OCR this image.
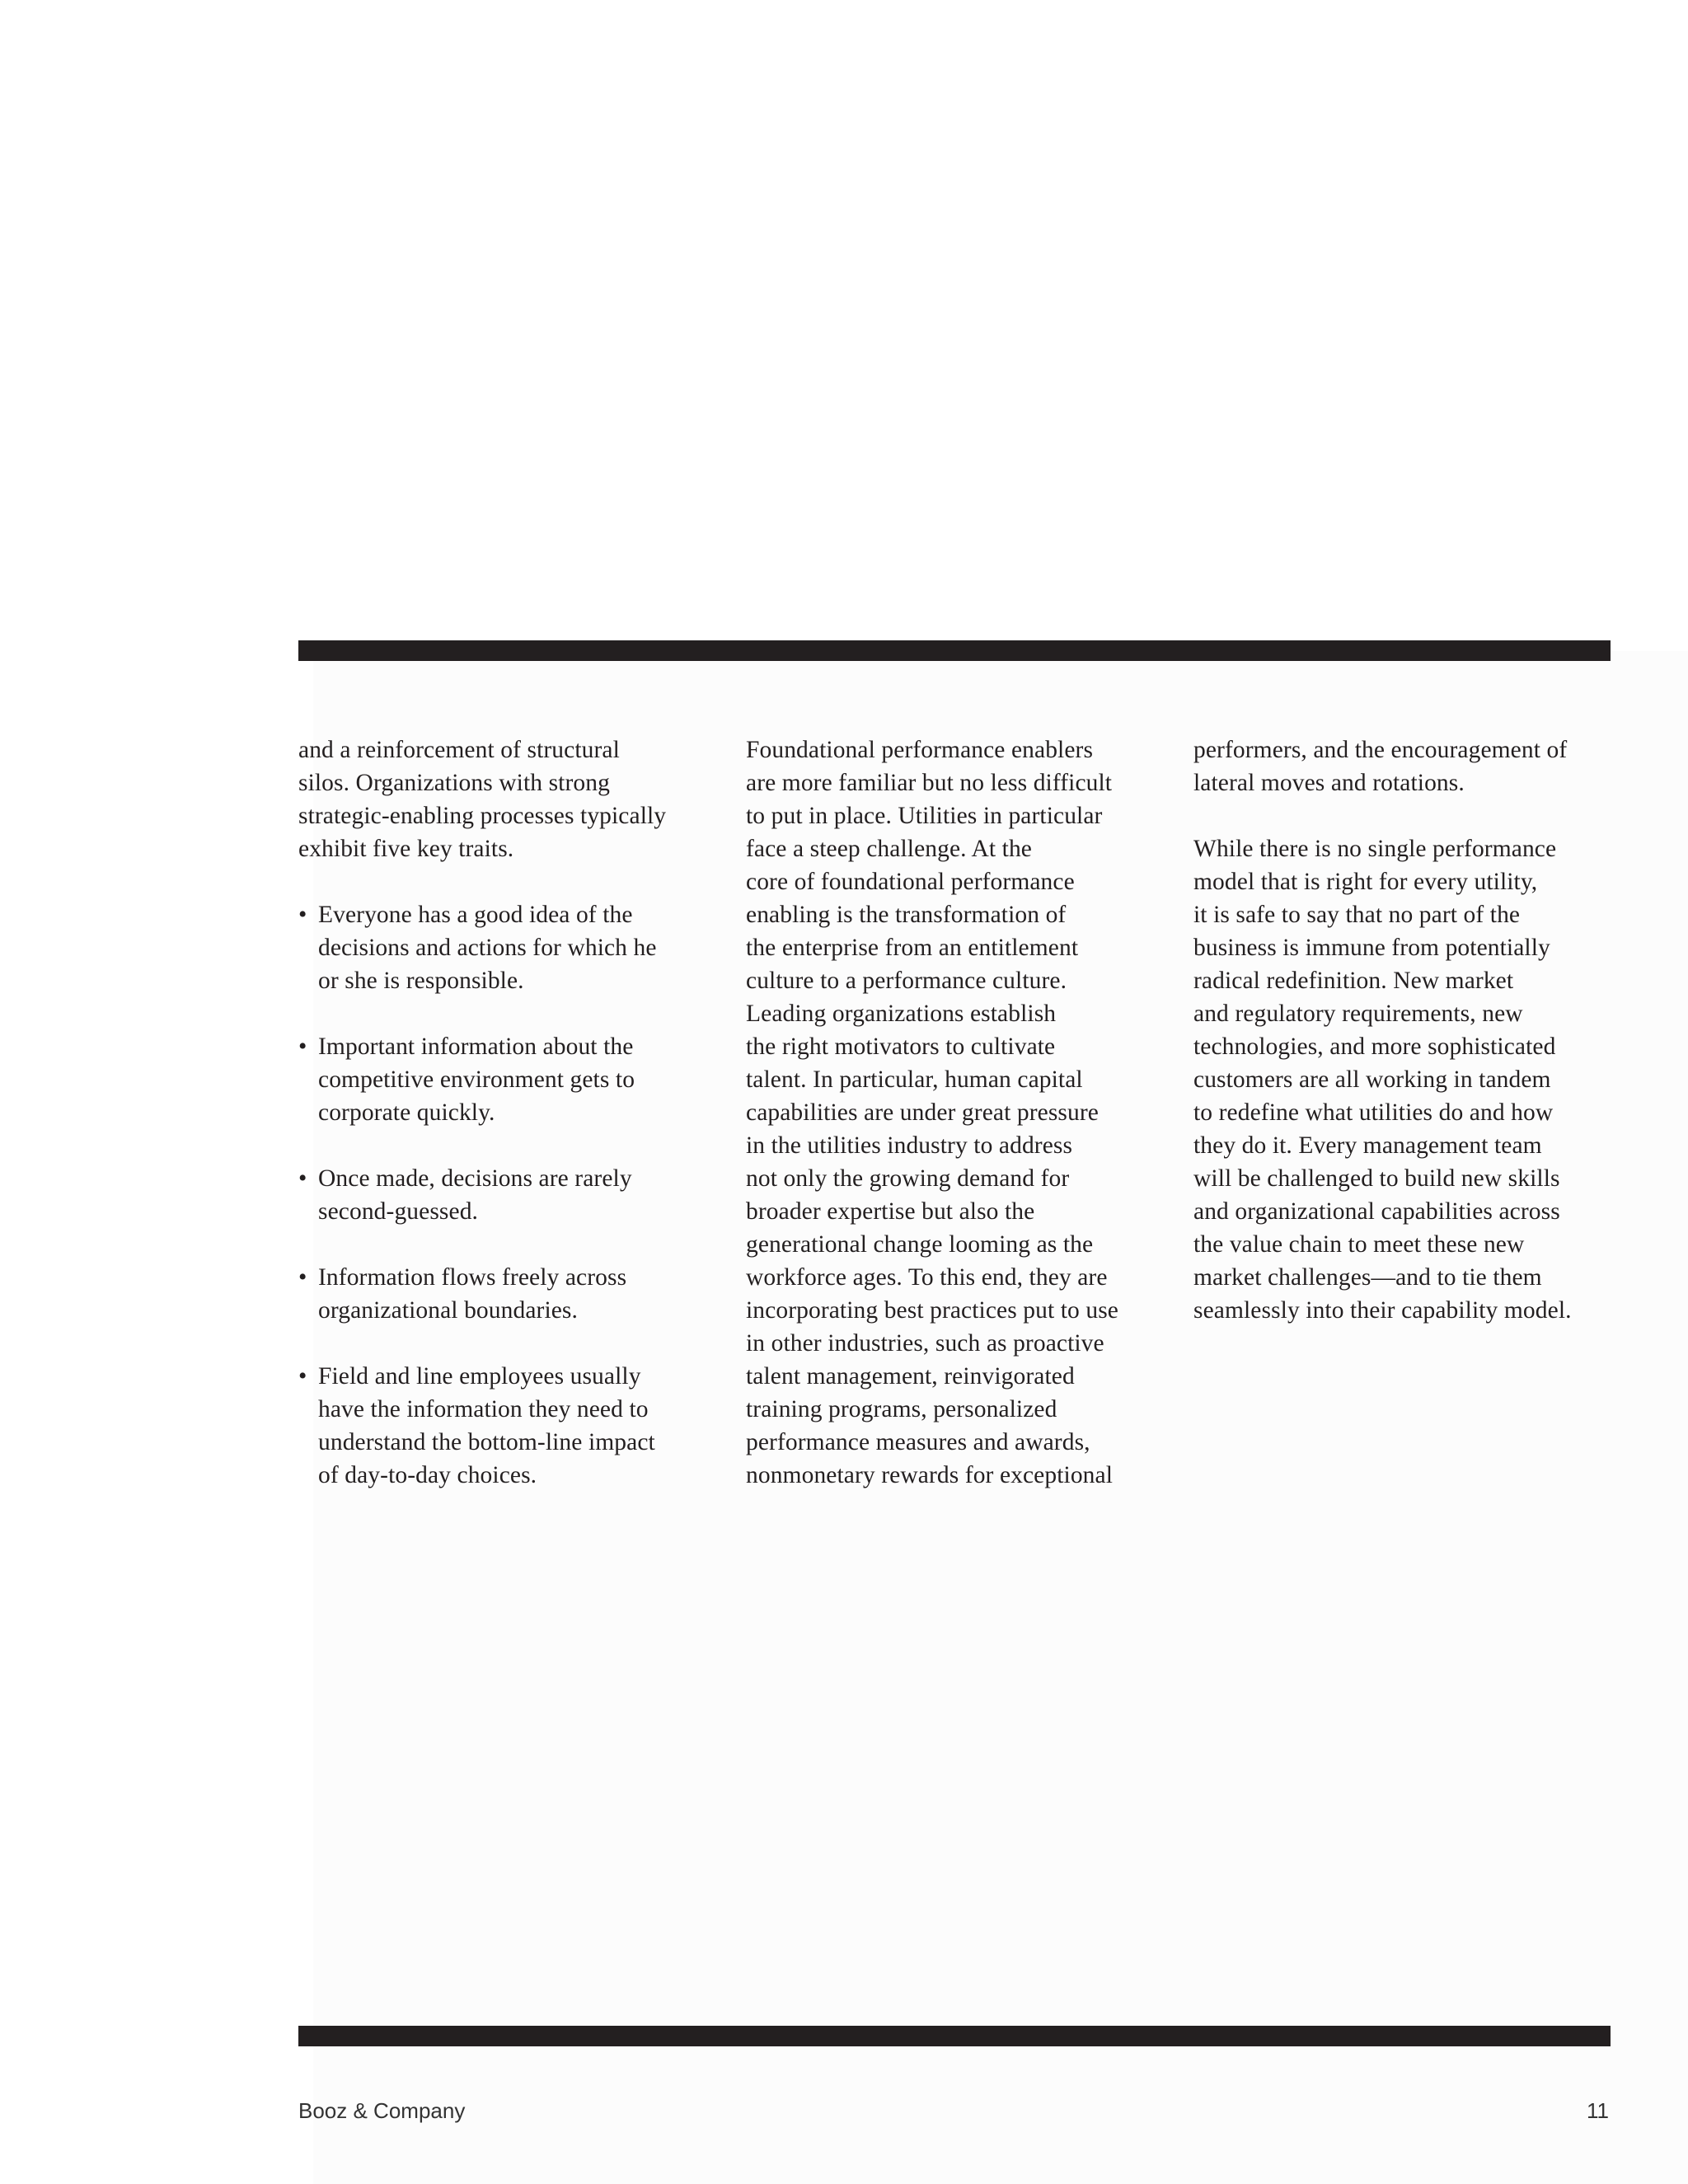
and a reinforcement of structural
silos. Organizations with strong
strategic-enabling processes typically
exhibit five key traits.
• Everyone has a good idea of the
decisions and actions for which he
or she is responsible.
• Important information about the
competitive environment gets to
corporate quickly.
• Once made, decisions are rarely
second-guessed.
• Information flows freely across
organizational boundaries.
• Field and line employees usually
have the information they need to
understand the bottom-line impact
of day-to-day choices.
Foundational performance enablers
are more familiar but no less difficult
to put in place. Utilities in particular
face a steep challenge. At the
core of foundational performance
enabling is the transformation of
the enterprise from an entitlement
culture to a performance culture.
Leading organizations establish
the right motivators to cultivate
talent. In particular, human capital
capabilities are under great pressure
in the utilities industry to address
not only the growing demand for
broader expertise but also the
generational change looming as the
workforce ages. To this end, they are
incorporating best practices put to use
in other industries, such as proactive
talent management, reinvigorated
training programs, personalized
performance measures and awards,
nonmonetary rewards for exceptional
performers, and the encouragement of
lateral moves and rotations.
While there is no single performance
model that is right for every utility,
it is safe to say that no part of the
business is immune from potentially
radical redefinition. New market
and regulatory requirements, new
technologies, and more sophisticated
customers are all working in tandem
to redefine what utilities do and how
they do it. Every management team
will be challenged to build new skills
and organizational capabilities across
the value chain to meet these new
market challenges—and to tie them
seamlessly into their capability model.
Booz & Company	11
